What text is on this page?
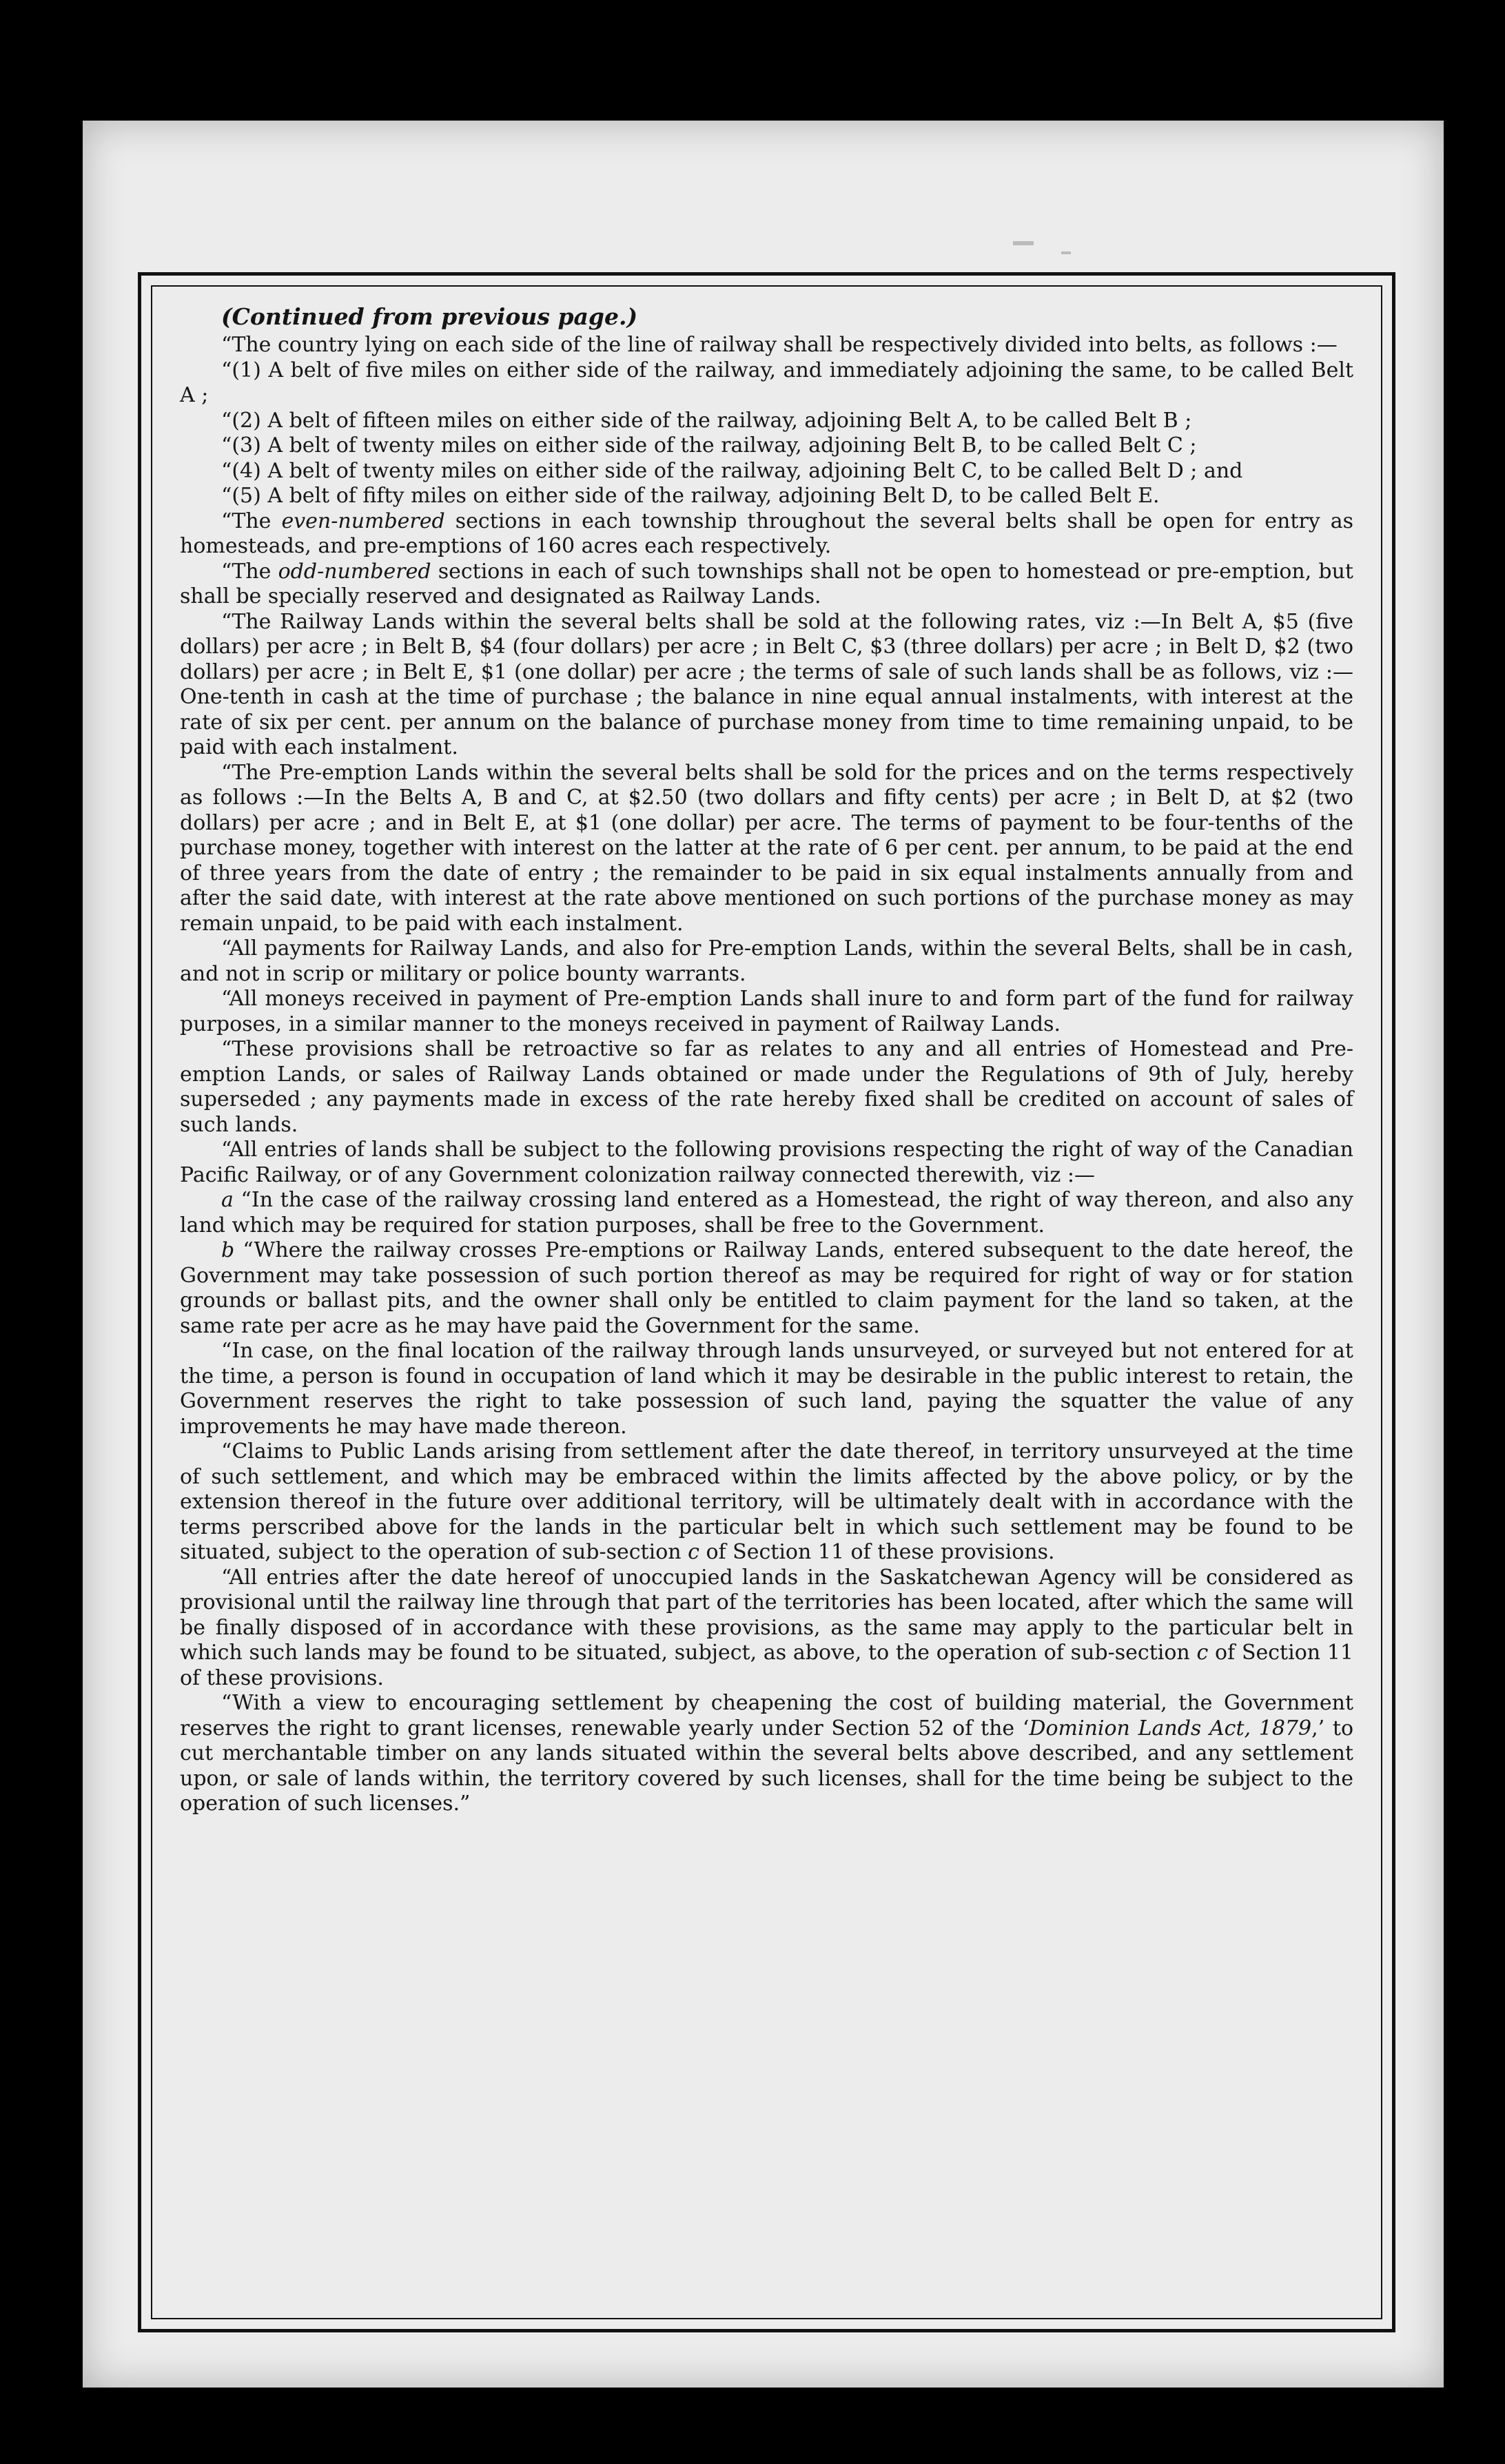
(Continued from previous page.)

“The country lying on each side of the line of railway shall be respectively divided into belts, as follows :—

“(1) A belt of five miles on either side of the railway, and immediately adjoining the same, to be called Belt A ;

“(2) A belt of fifteen miles on either side of the railway, adjoining Belt A, to be called Belt B ;

“(3) A belt of twenty miles on either side of the railway, adjoining Belt B, to be called Belt C ;

“(4) A belt of twenty miles on either side of the railway, adjoining Belt C, to be called Belt D ; and

“(5) A belt of fifty miles on either side of the railway, adjoining Belt D, to be called Belt E.

“The even-numbered sections in each township throughout the several belts shall be open for entry as homesteads, and pre-emptions of 160 acres each respectively.

“The odd-numbered sections in each of such townships shall not be open to homestead or pre-emption, but shall be specially reserved and designated as Railway Lands.

“The Railway Lands within the several belts shall be sold at the following rates, viz :—In Belt A, $5 (five dollars) per acre ; in Belt B, $4 (four dollars) per acre ; in Belt C, $3 (three dollars) per acre ; in Belt D, $2 (two dollars) per acre ; in Belt E, $1 (one dollar) per acre ; the terms of sale of such lands shall be as follows, viz :—One-tenth in cash at the time of purchase ; the balance in nine equal annual instalments, with interest at the rate of six per cent. per annum on the balance of purchase money from time to time remaining unpaid, to be paid with each instalment.

“The Pre-emption Lands within the several belts shall be sold for the prices and on the terms respectively as follows :—In the Belts A, B and C, at $2.50 (two dollars and fifty cents) per acre ; in Belt D, at $2 (two dollars) per acre ; and in Belt E, at $1 (one dollar) per acre. The terms of payment to be four-tenths of the purchase money, together with interest on the latter at the rate of 6 per cent. per annum, to be paid at the end of three years from the date of entry ; the remainder to be paid in six equal instalments annually from and after the said date, with interest at the rate above mentioned on such portions of the purchase money as may remain unpaid, to be paid with each instalment.

“All payments for Railway Lands, and also for Pre-emption Lands, within the several Belts, shall be in cash, and not in scrip or military or police bounty warrants.

“All moneys received in payment of Pre-emption Lands shall inure to and form part of the fund for railway purposes, in a similar manner to the moneys received in payment of Railway Lands.

“These provisions shall be retroactive so far as relates to any and all entries of Homestead and Pre-emption Lands, or sales of Railway Lands obtained or made under the Regulations of 9th of July, hereby superseded ; any payments made in excess of the rate hereby fixed shall be credited on account of sales of such lands.

“All entries of lands shall be subject to the following provisions respecting the right of way of the Canadian Pacific Railway, or of any Government colonization railway connected therewith, viz :—

a “In the case of the railway crossing land entered as a Homestead, the right of way thereon, and also any land which may be required for station purposes, shall be free to the Government.

b “Where the railway crosses Pre-emptions or Railway Lands, entered subsequent to the date hereof, the Government may take possession of such portion thereof as may be required for right of way or for station grounds or ballast pits, and the owner shall only be entitled to claim payment for the land so taken, at the same rate per acre as he may have paid the Government for the same.

“In case, on the final location of the railway through lands unsurveyed, or surveyed but not entered for at the time, a person is found in occupation of land which it may be desirable in the public interest to retain, the Government reserves the right to take possession of such land, paying the squatter the value of any improvements he may have made thereon.

“Claims to Public Lands arising from settlement after the date thereof, in territory unsurveyed at the time of such settlement, and which may be embraced within the limits affected by the above policy, or by the extension thereof in the future over additional territory, will be ultimately dealt with in accordance with the terms perscribed above for the lands in the particular belt in which such settlement may be found to be situated, subject to the operation of sub-section c of Section 11 of these provisions.

“All entries after the date hereof of unoccupied lands in the Saskatchewan Agency will be considered as provisional until the railway line through that part of the territories has been located, after which the same will be finally disposed of in accordance with these provisions, as the same may apply to the particular belt in which such lands may be found to be situated, subject, as above, to the operation of sub-section c of Section 11 of these provisions.

“With a view to encouraging settlement by cheapening the cost of building material, the Government reserves the right to grant licenses, renewable yearly under Section 52 of the ‘Dominion Lands Act, 1879,’ to cut merchantable timber on any lands situated within the several belts above described, and any settlement upon, or sale of lands within, the territory covered by such licenses, shall for the time being be subject to the operation of such licenses.”
